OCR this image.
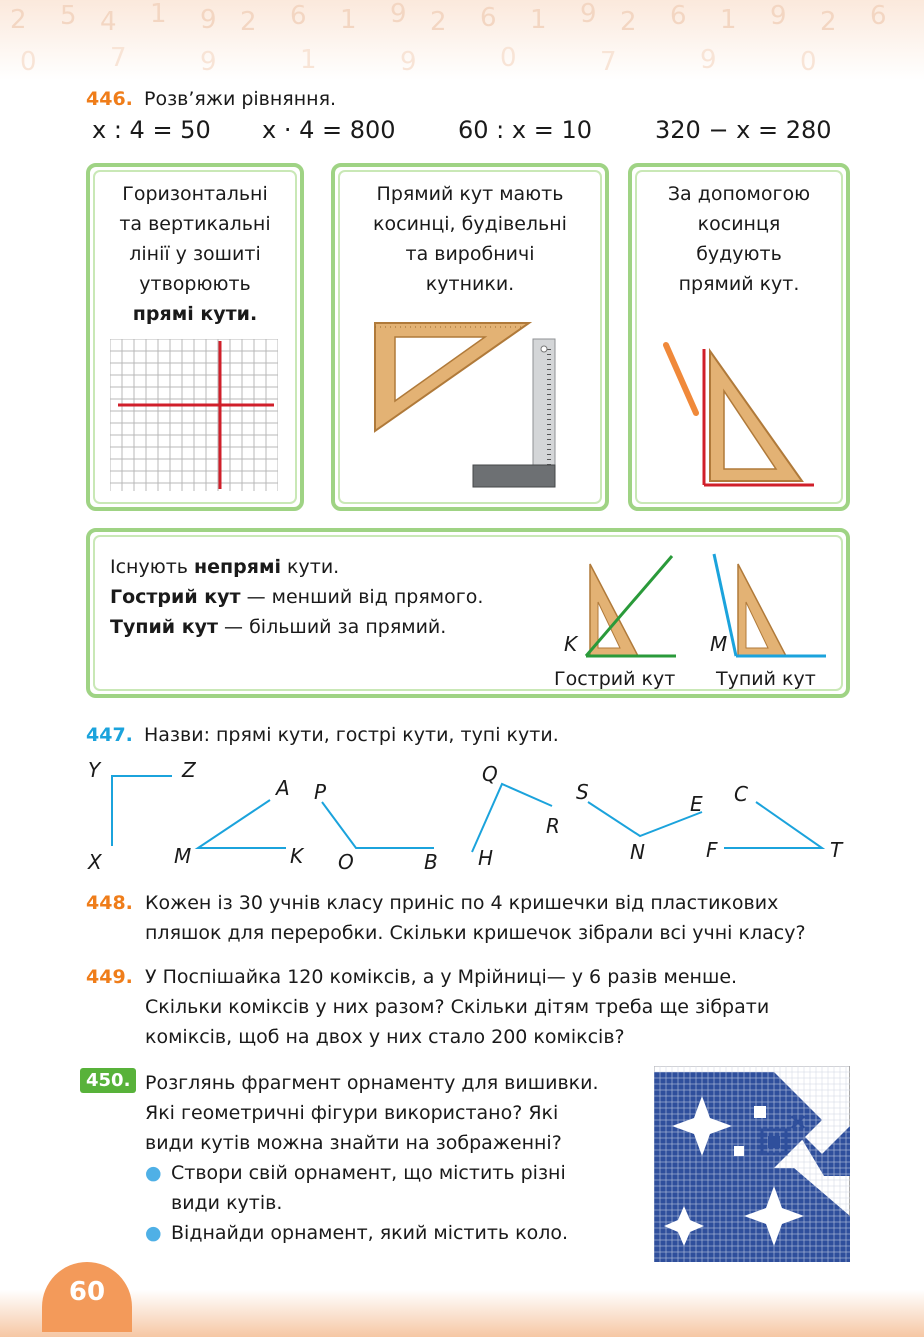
2 5 4 1 9 2 6 1 9 2 6 1 9 2 6 1 9 2 6
0 7 9	1	9	0	7	9	0
446. Розв’яжи рівняння.
x : 4 = 50 x · 4 = 800	60 : x = 10	320 − x = 280
Горизонтальні
та вертикальні
лінії у зошиті
утворюють
прямі кути.
Прямий кут мають
косинці, будівельні
та виробничі
кутники.
За допомогою
косинця
будують
прямий кут.
Існують непрямі кути.
Гострий кут — менший від прямого.
Тупий кут — більший за прямий.
K	M
Гострий кут Тупий кут
447. Назви: прямі кути, гострі кути, тупі кути.
Y	Z
X
A
M	K
P
O	B
Q
R
H
S
N
E C
F	T
448. Кожен із 30 учнів класу приніс по 4 кришечки від пластикових
пляшок для переробки. Скільки кришечок зібрали всі учні класу?
449. У Поспішайка 120 коміксів, а у Мрійниці— у 6 разів менше.
Скільки коміксів у них разом? Скільки дітям треба ще зібрати
коміксів, щоб на двох у них стало 200 коміксів?
450. Розглянь фрагмент орнаменту для вишивки.
Які геометричні фігури використано? Які
види кутів можна знайти на зображенні?
● Створи свій орнамент, що містить різні
види кутів.
● Віднайди орнамент, який містить коло.
60
